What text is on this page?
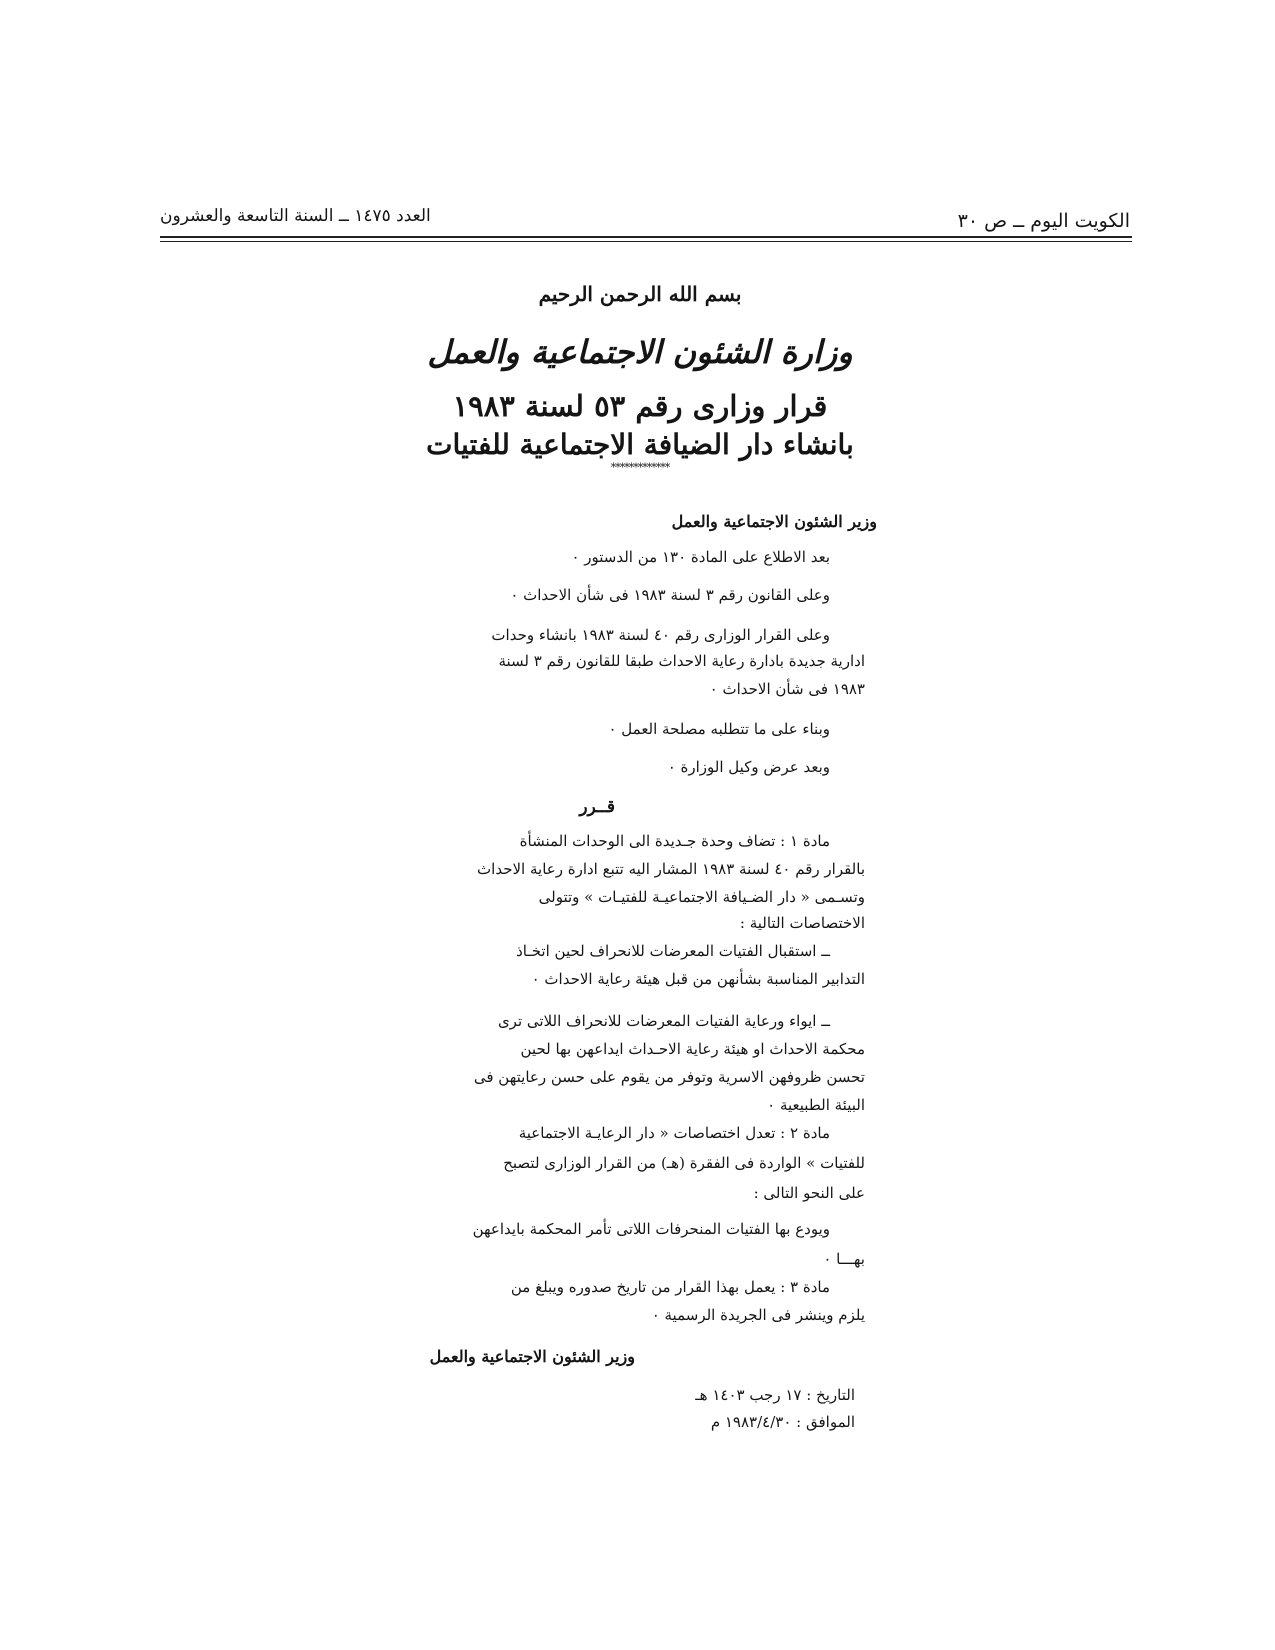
الكويت اليوم ــ ص ٣٠
العدد ١٤٧٥ ــ السنة التاسعة والعشرون
بسم الله الرحمن الرحيم
وزارة الشئون الاجتماعية والعمل
قرار وزارى رقم ٥٣ لسنة ١٩٨٣
بانشاء دار الضيافة الاجتماعية للفتيات
*************
وزير الشئون الاجتماعية والعمل
بعد الاطلاع على المادة ١٣٠ من الدستور ٠
وعلى القانون رقم ٣ لسنة ١٩٨٣ فى شأن الاحداث ٠
وعلى القرار الوزارى رقم ٤٠ لسنة ١٩٨٣ بانشاء وحدات
ادارية جديدة بادارة رعاية الاحداث طبقا للقانون رقم ٣ لسنة
١٩٨٣ فى شأن الاحداث ٠
وبناء على ما تتطلبه مصلحة العمل ٠
وبعد عرض وكيل الوزارة ٠
قــرر
مادة ١ : تضاف وحدة جـديدة الى الوحدات المنشأة
بالقرار رقم ٤٠ لسنة ١٩٨٣ المشار اليه تتبع ادارة رعاية الاحداث
وتسـمى « دار الضـيافة الاجتماعيـة للفتيـات » وتتولى
الاختصاصات التالية :
ــ استقبال الفتيات المعرضات للانحراف لحين اتخـاذ
التدابير المناسبة بشأنهن من قبل هيئة رعاية الاحداث ٠
ــ ايواء ورعاية الفتيات المعرضات للانحراف اللاتى ترى
محكمة الاحداث او هيئة رعاية الاحـداث ايداعهن بها لحين
تحسن ظروفهن الاسرية وتوفر من يقوم على حسن رعايتهن فى
البيئة الطبيعية ٠
مادة ٢ : تعدل اختصاصات « دار الرعايـة الاجتماعية
للفتيات » الواردة فى الفقرة (هـ) من القرار الوزارى لتصبح
على النحو التالى :
ويودع بها الفتيات المنحرفات اللاتى تأمر المحكمة بايداعهن
بهـــا ٠
مادة ٣ : يعمل بهذا القرار من تاريخ صدوره ويبلغ من
يلزم وينشر فى الجريدة الرسمية ٠
وزير الشئون الاجتماعية والعمل
التاريخ : ١٧ رجب ١٤٠٣ هـ
الموافق : ١٩٨٣/٤/٣٠ م
